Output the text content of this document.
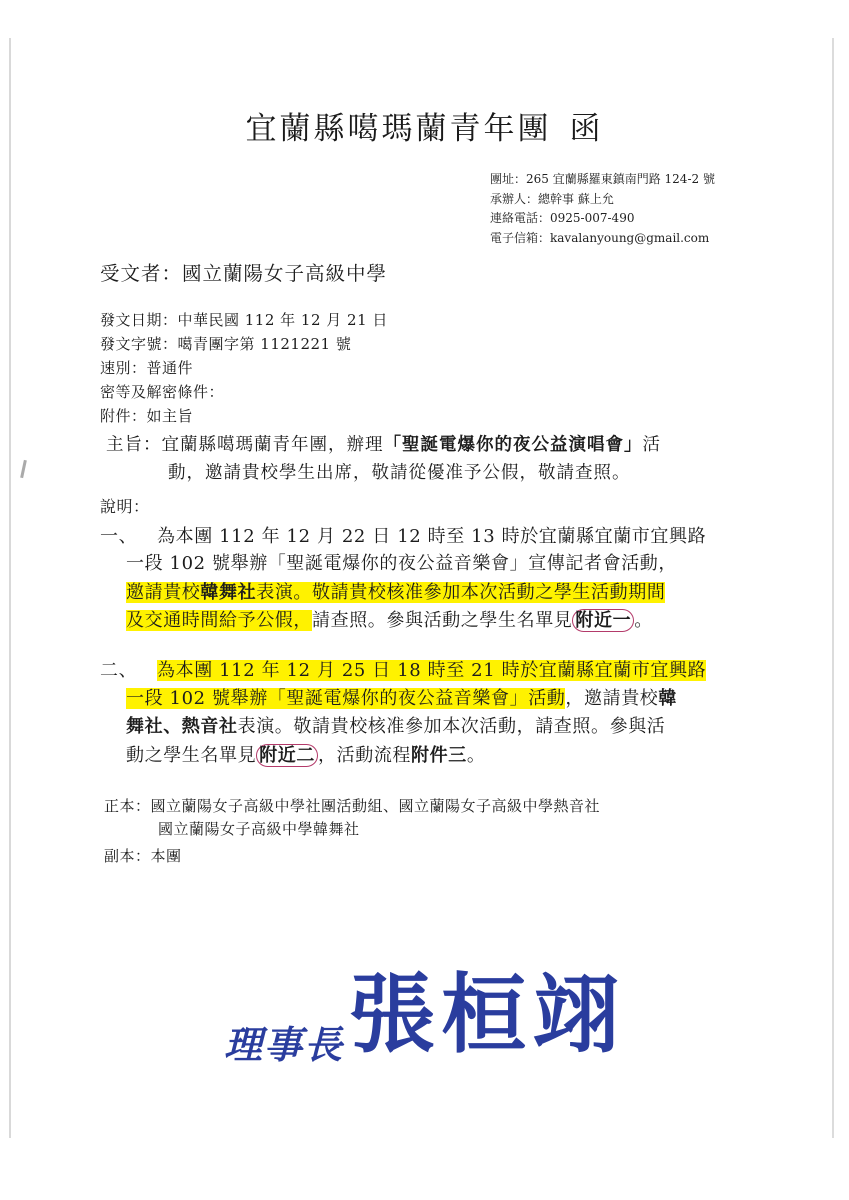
宜蘭縣噶瑪蘭青年團 函
團址：265 宜蘭縣羅東鎮南門路 124-2 號
承辦人：總幹事 蘇上允
連絡電話：0925-007-490
電子信箱：kavalanyoung@gmail.com
受文者：國立蘭陽女子高級中學
發文日期：中華民國 112 年 12 月 21 日
發文字號：噶青團字第 1121221 號
速別：普通件
密等及解密條件：
附件：如主旨
主旨：宜蘭縣噶瑪蘭青年團，辦理「聖誕電爆你的夜公益演唱會」活
動，邀請貴校學生出席，敬請從優准予公假，敬請查照。
說明：
一、 為本團 112 年 12 月 22 日 12 時至 13 時於宜蘭縣宜蘭市宜興路
一段 102 號舉辦「聖誕電爆你的夜公益音樂會」宣傳記者會活動，
邀請貴校韓舞社表演。敬請貴校核准參加本次活動之學生活動期間
及交通時間給予公假，請查照。參與活動之學生名單見 附近一 。
二、 為本團 112 年 12 月 25 日 18 時至 21 時於宜蘭縣宜蘭市宜興路
一段 102 號舉辦「聖誕電爆你的夜公益音樂會」活動，邀請貴校韓
舞社、熱音社表演。敬請貴校核准參加本次活動，請查照。參與活
動之學生名單見 附近二 ，活動流程附件三。
正本：國立蘭陽女子高級中學社團活動組、國立蘭陽女子高級中學熱音社
國立蘭陽女子高級中學韓舞社
副本：本團
理事長 張桓翊
